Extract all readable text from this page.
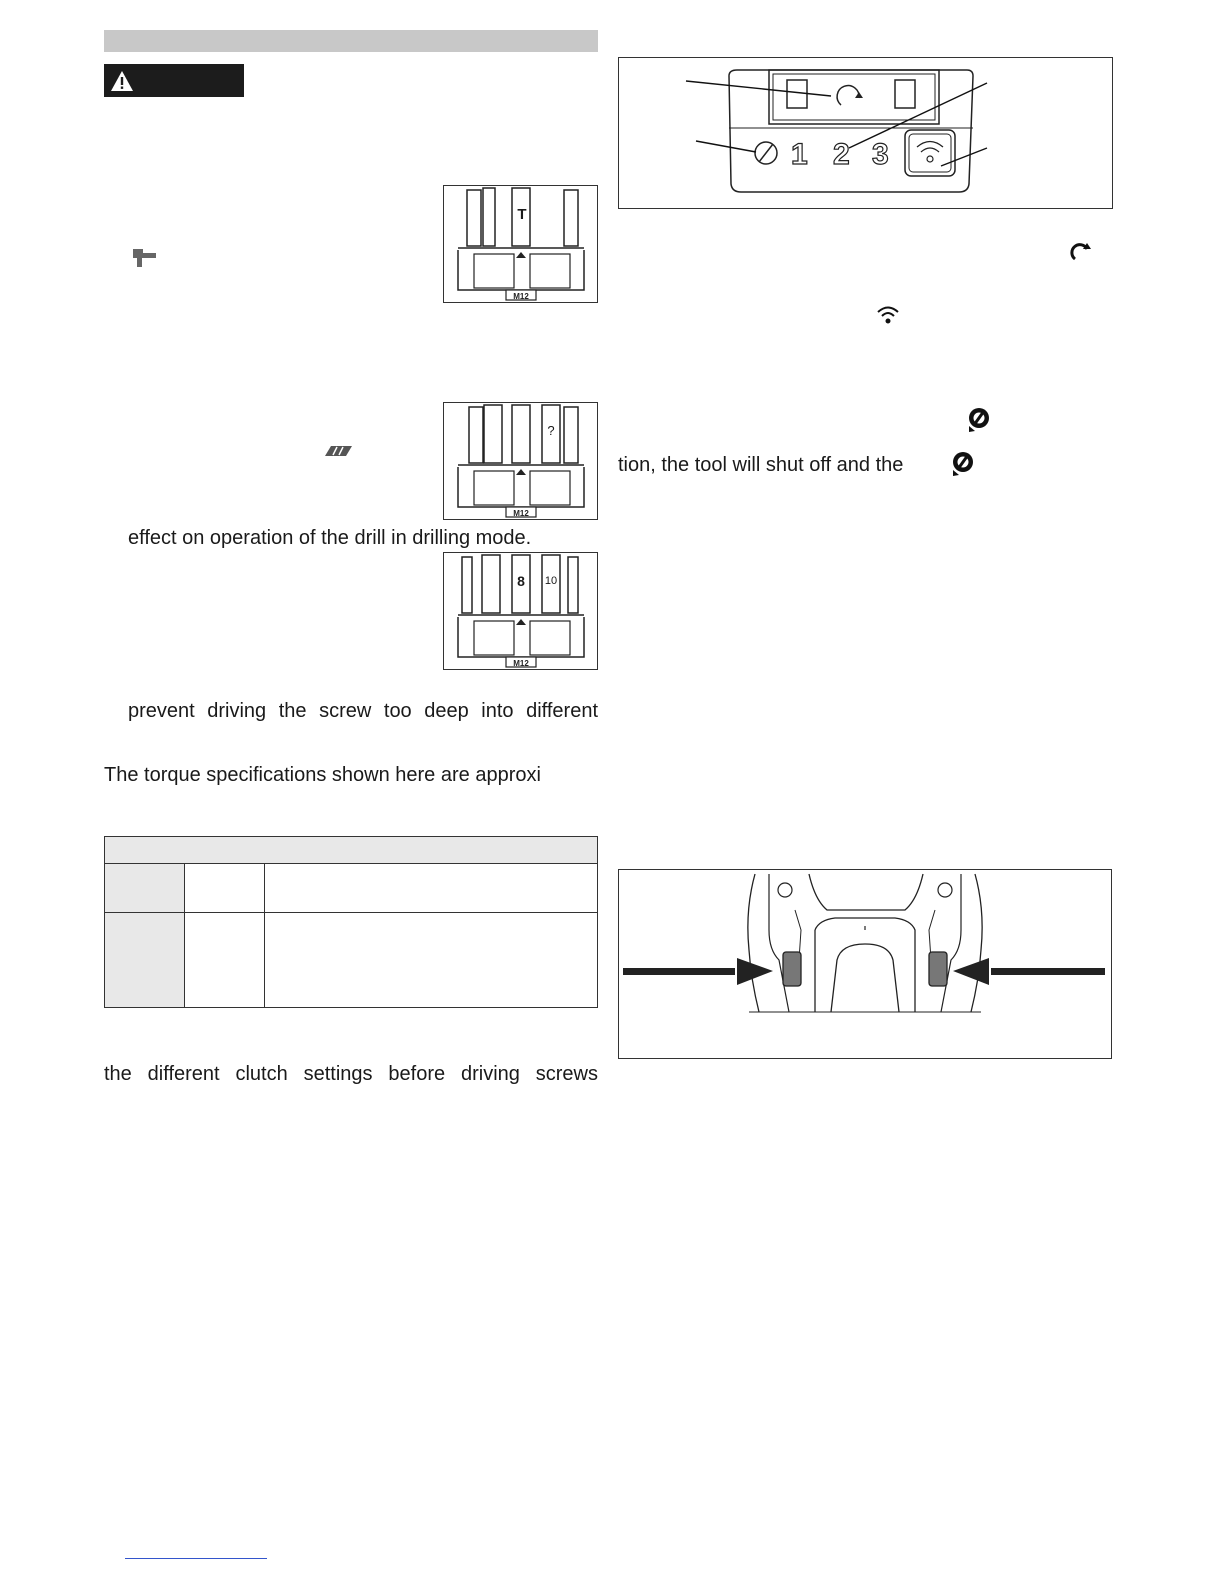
M12
T
M12
?
effect on operation of the drill in drilling mode.
M12
8	10
prevent driving the screw too deep into different
The torque specifications shown here are approxi

the different clutch settings before driving screws
1 2 3
tion, the tool will shut off and the
